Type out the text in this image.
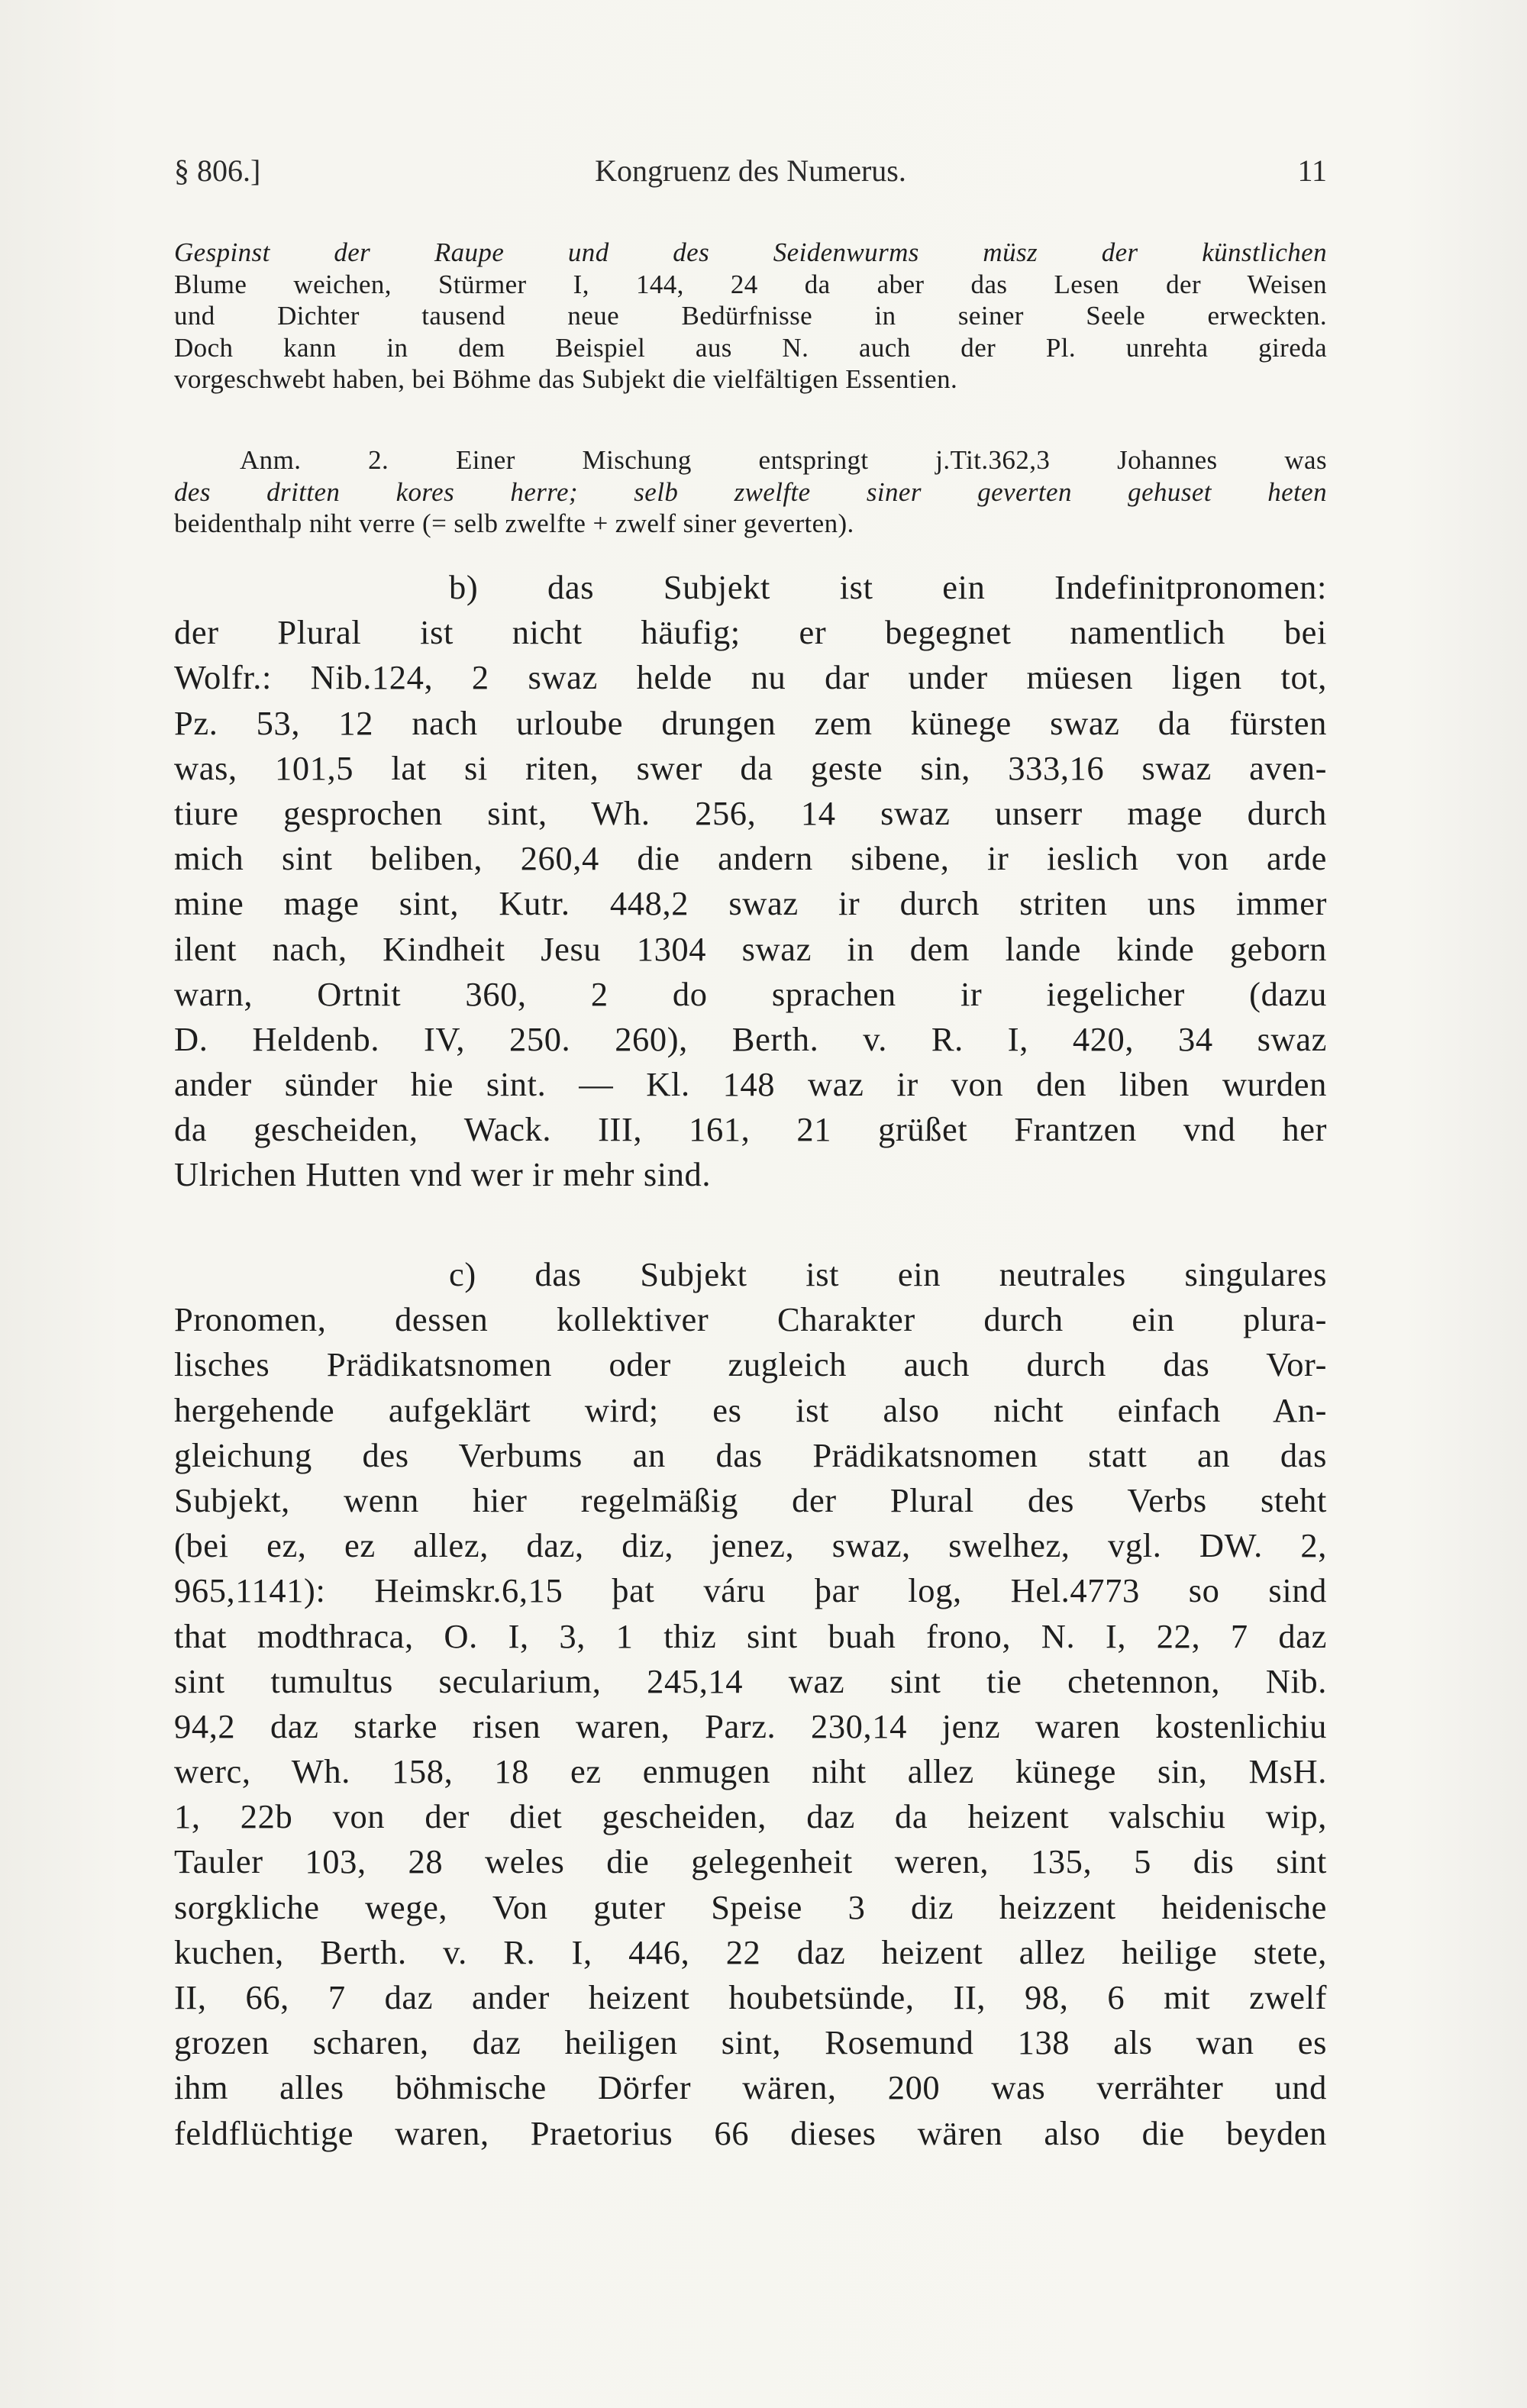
§ 806.]	Kongruenz des Numerus.	11
Gespinst der Raupe und des Seidenwurms müsz der künstlichen
Blume weichen, Stürmer I, 144, 24 da aber das Lesen der Weisen
und Dichter tausend neue Bedürfnisse in seiner Seele erweckten.
Doch kann in dem Beispiel aus N. auch der Pl. unrehta gireda
vorgeschwebt haben, bei Böhme das Subjekt die vielfältigen Essentien.
Anm. 2. Einer Mischung entspringt j.Tit.362,3 Johannes was
des dritten kores herre; selb zwelfte siner geverten gehuset heten
beidenthalp niht verre (= selb zwelfte + zwelf siner geverten).
b) das Subjekt ist ein Indefinitpronomen:
der Plural ist nicht häufig; er begegnet namentlich bei
Wolfr.: Nib.124, 2 swaz helde nu dar under müesen ligen tot,
Pz. 53, 12 nach urloube drungen zem künege swaz da fürsten
was, 101,5 lat si riten, swer da geste sin, 333,16 swaz aven-
tiure gesprochen sint, Wh. 256, 14 swaz unserr mage durch
mich sint beliben, 260,4 die andern sibene, ir ieslich von arde
mine mage sint, Kutr. 448,2 swaz ir durch striten uns immer
ilent nach, Kindheit Jesu 1304 swaz in dem lande kinde geborn
warn, Ortnit 360, 2 do sprachen ir iegelicher (dazu
D. Heldenb. IV, 250. 260), Berth. v. R. I, 420, 34 swaz
ander sünder hie sint. — Kl. 148 waz ir von den liben wurden
da gescheiden, Wack. III, 161, 21 grüßet Frantzen vnd her
Ulrichen Hutten vnd wer ir mehr sind.
c) das Subjekt ist ein neutrales singulares
Pronomen, dessen kollektiver Charakter durch ein plura-
lisches Prädikatsnomen oder zugleich auch durch das Vor-
hergehende aufgeklärt wird; es ist also nicht einfach An-
gleichung des Verbums an das Prädikatsnomen statt an das
Subjekt, wenn hier regelmäßig der Plural des Verbs steht
(bei ez, ez allez, daz, diz, jenez, swaz, swelhez, vgl. DW. 2,
965,1141): Heimskr.6,15 þat váru þar log, Hel.4773 so sind
that modthraca, O. I, 3, 1 thiz sint buah frono, N. I, 22, 7 daz
sint tumultus secularium, 245,14 waz sint tie chetennon, Nib.
94,2 daz starke risen waren, Parz. 230,14 jenz waren kostenlichiu
werc, Wh. 158, 18 ez enmugen niht allez künege sin, MsH.
1, 22b von der diet gescheiden, daz da heizent valschiu wip,
Tauler 103, 28 weles die gelegenheit weren, 135, 5 dis sint
sorgkliche wege, Von guter Speise 3 diz heizzent heidenische
kuchen, Berth. v. R. I, 446, 22 daz heizent allez heilige stete,
II, 66, 7 daz ander heizent houbetsünde, II, 98, 6 mit zwelf
grozen scharen, daz heiligen sint, Rosemund 138 als wan es
ihm alles böhmische Dörfer wären, 200 was verrähter und
feldflüchtige waren, Praetorius 66 dieses wären also die beyden
